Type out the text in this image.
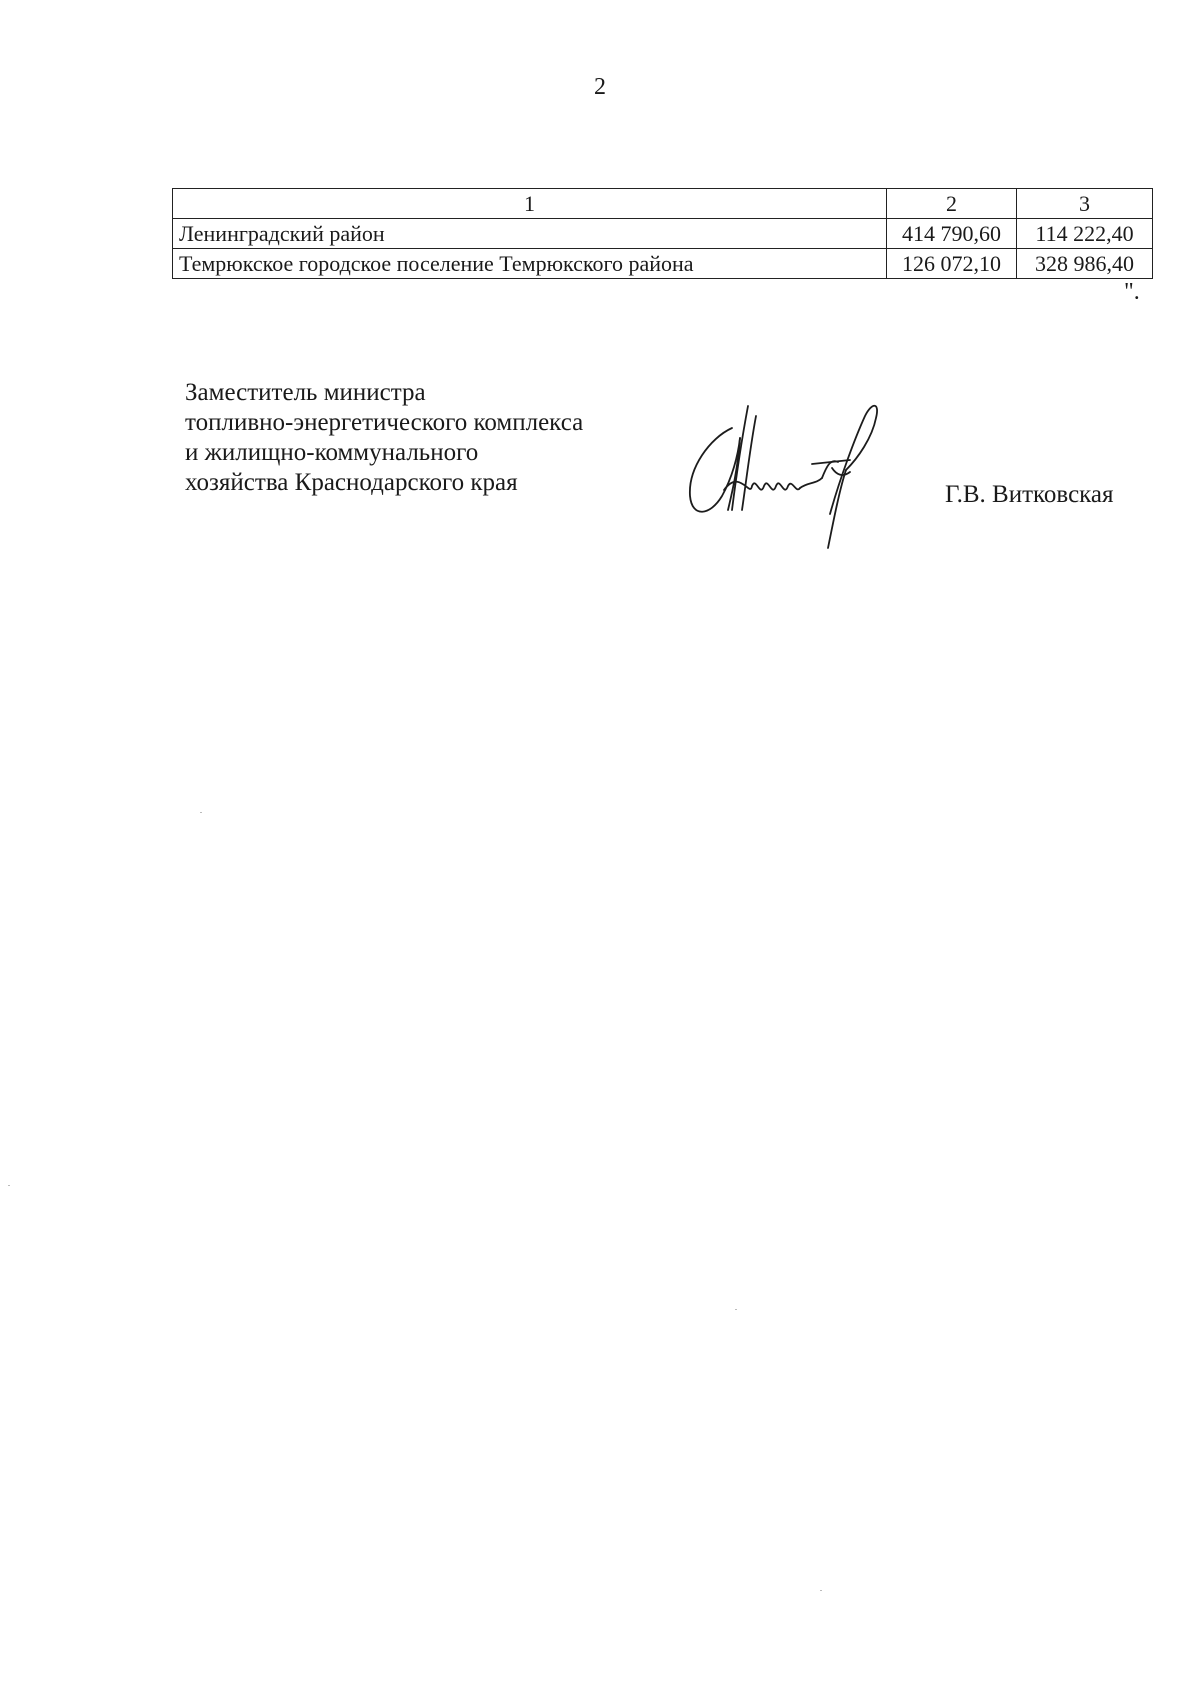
2
1	2	3
Ленинградский район	414 790,60	114 222,40
Темрюкское городское поселение Темрюкского района	126 072,10	328 986,40
".
Заместитель министра
топливно-энергетического комплекса
и жилищно-коммунального
хозяйства Краснодарского края	Г.В. Витковская
